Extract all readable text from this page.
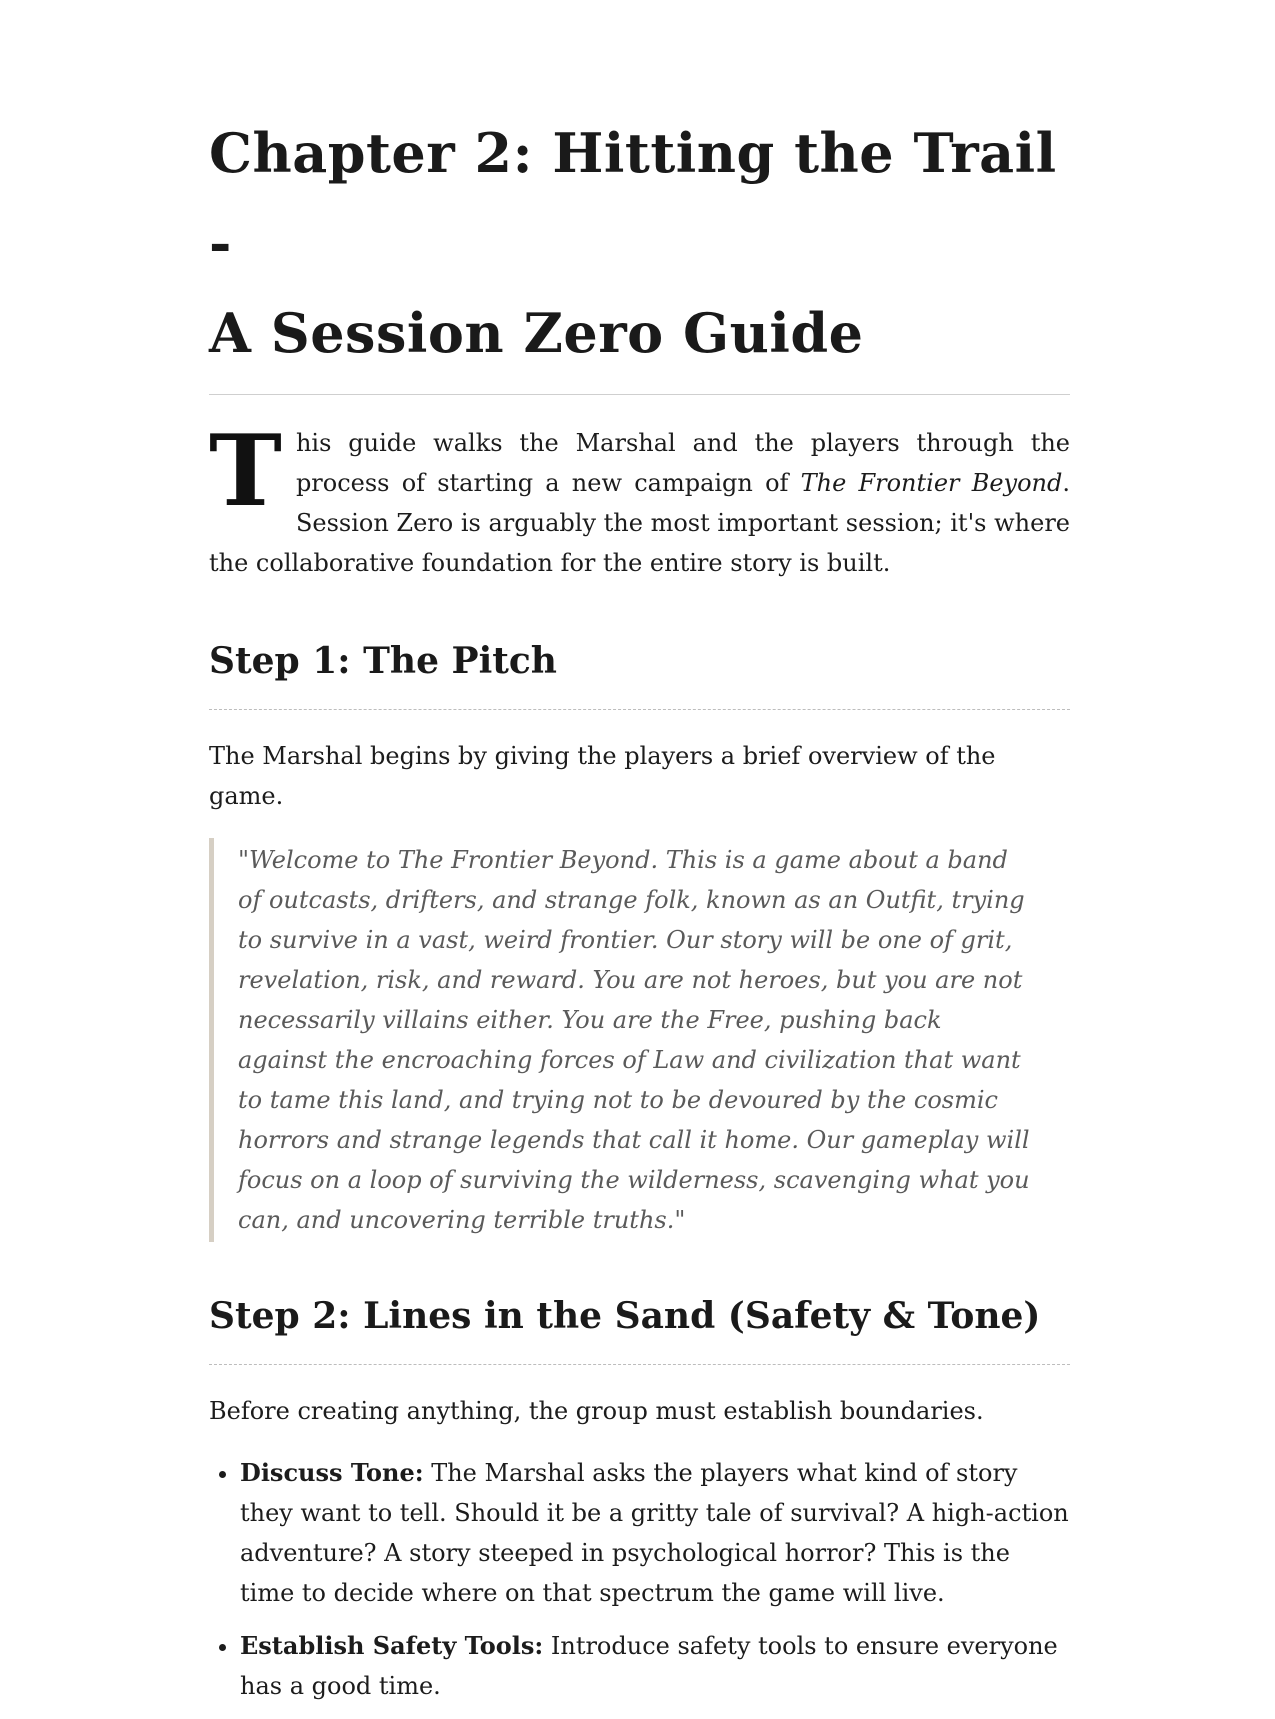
Chapter 2: Hitting the Trail -
A Session Zero Guide

This guide walks the Marshal and the players through the process of starting a new campaign of The Frontier Beyond. Session Zero is arguably the most important session; it's where the collaborative foundation for the entire story is built.

Step 1: The Pitch

The Marshal begins by giving the players a brief overview of the game.

"Welcome to The Frontier Beyond. This is a game about a band of outcasts, drifters, and strange folk, known as an Outfit, trying to survive in a vast, weird frontier. Our story will be one of grit, revelation, risk, and reward. You are not heroes, but you are not necessarily villains either. You are the Free, pushing back against the encroaching forces of Law and civilization that want to tame this land, and trying not to be devoured by the cosmic horrors and strange legends that call it home. Our gameplay will focus on a loop of surviving the wilderness, scavenging what you can, and uncovering terrible truths."
Step 2: Lines in the Sand (Safety & Tone)

Before creating anything, the group must establish boundaries.

• Discuss Tone: The Marshal asks the players what kind of story they want to tell. Should it be a gritty tale of survival? A high-action adventure? A story steeped in psychological horror? This is the time to decide where on that spectrum the game will live.
• Establish Safety Tools: Introduce safety tools to ensure everyone has a good time.
